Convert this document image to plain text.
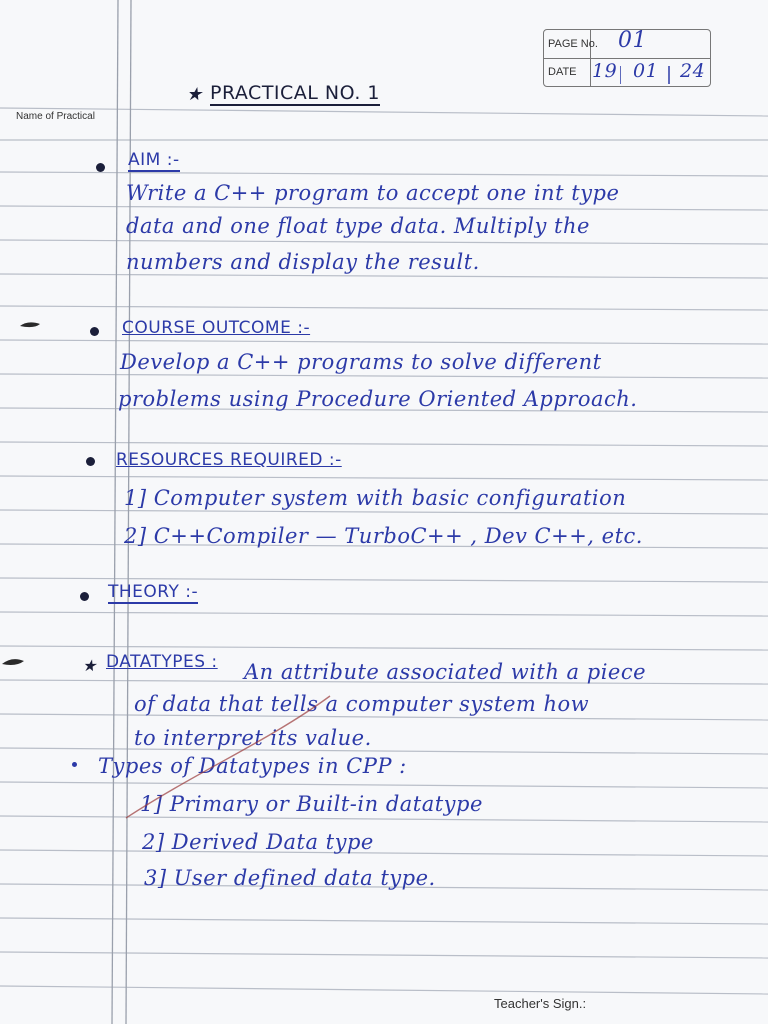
PAGE No.
DATE
01
19 01 24
Name of Practical
★ PRACTICAL NO. 1
AIM :-
Write a C++ program to accept one int type
data and one float type data. Multiply the
numbers and display the result.
COURSE OUTCOME :-
Develop a C++ programs to solve different
problems using Procedure Oriented Approach.
RESOURCES REQUIRED :-
1] Computer system with basic configuration
2] C++Compiler — TurboC++ , Dev C++, etc.
THEORY :-
★ DATATYPES : An attribute associated with a piece
of data that tells a computer system how
to interpret its value.
Types of Datatypes in CPP :
1] Primary or Built-in datatype
2] Derived Data type
3] User defined data type.
Teacher's Sign.:
